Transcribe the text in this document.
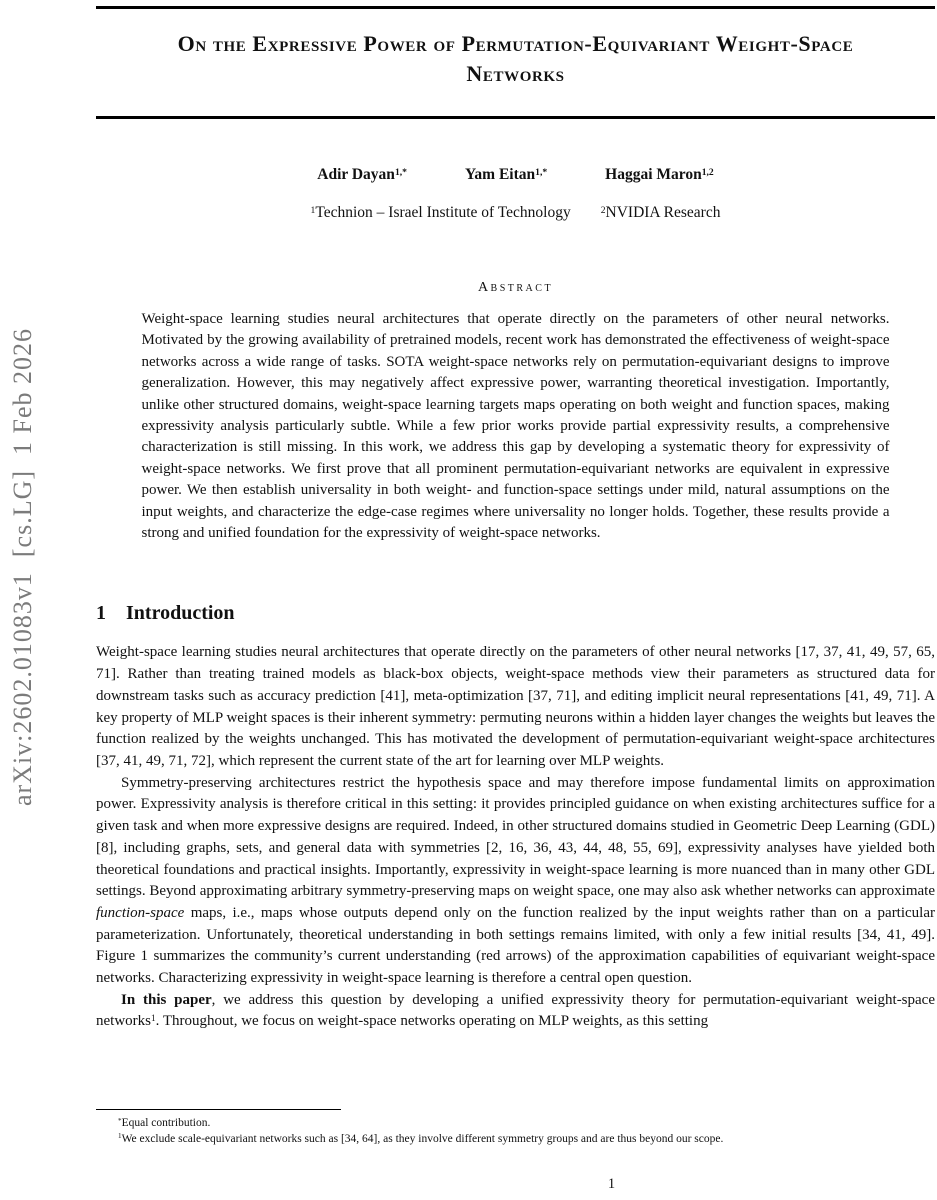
arXiv:2602.01083v1  [cs.LG]  1 Feb 2026
On the Expressive Power of Permutation-Equivariant Weight-Space Networks
Adir Dayan$^{1,*}$	Yam Eitan$^{1,*}$	Haggai Maron$^{1,2}$
$^1$Technion – Israel Institute of Technology	$^2$NVIDIA Research
Abstract

Weight-space learning studies neural architectures that operate directly on the parameters of other neural networks. Motivated by the growing availability of pretrained models, recent work has demonstrated the effectiveness of weight-space networks across a wide range of tasks. SOTA weight-space networks rely on permutation-equivariant designs to improve generalization. However, this may negatively affect expressive power, warranting theoretical investigation. Importantly, unlike other structured domains, weight-space learning targets maps operating on both weight and function spaces, making expressivity analysis particularly subtle. While a few prior works provide partial expressivity results, a comprehensive characterization is still missing. In this work, we address this gap by developing a systematic theory for expressivity of weight-space networks. We first prove that all prominent permutation-equivariant networks are equivalent in expressive power. We then establish universality in both weight- and function-space settings under mild, natural assumptions on the input weights, and characterize the edge-case regimes where universality no longer holds. Together, these results provide a strong and unified foundation for the expressivity of weight-space networks.

1 Introduction

Weight-space learning studies neural architectures that operate directly on the parameters of other neural networks [17, 37, 41, 49, 57, 65, 71]. Rather than treating trained models as black-box objects, weight-space methods view their parameters as structured data for downstream tasks such as accuracy prediction [41], meta-optimization [37, 71], and editing implicit neural representations [41, 49, 71]. A key property of MLP weight spaces is their inherent symmetry: permuting neurons within a hidden layer changes the weights but leaves the function realized by the weights unchanged. This has motivated the development of permutation-equivariant weight-space architectures [37, 41, 49, 71, 72], which represent the current state of the art for learning over MLP weights.

Symmetry-preserving architectures restrict the hypothesis space and may therefore impose fundamental limits on approximation power. Expressivity analysis is therefore critical in this setting: it provides principled guidance on when existing architectures suffice for a given task and when more expressive designs are required. Indeed, in other structured domains studied in Geometric Deep Learning (GDL) [8], including graphs, sets, and general data with symmetries [2, 16, 36, 43, 44, 48, 55, 69], expressivity analyses have yielded both theoretical foundations and practical insights. Importantly, expressivity in weight-space learning is more nuanced than in many other GDL settings. Beyond approximating arbitrary symmetry-preserving maps on weight space, one may also ask whether networks can approximate function-space maps, i.e., maps whose outputs depend only on the function realized by the input weights rather than on a particular parameterization. Unfortunately, theoretical understanding in both settings remains limited, with only a few initial results [34, 41, 49]. Figure 1 summarizes the community’s current understanding (red arrows) of the approximation capabilities of equivariant weight-space networks. Characterizing expressivity in weight-space learning is therefore a central open question.

In this paper, we address this question by developing a unified expressivity theory for permutation-equivariant weight-space networks$^1$. Throughout, we focus on weight-space networks operating on MLP weights, as this setting

1
*Equal contribution.
$^1$We exclude scale-equivariant networks such as [34, 64], as they involve different symmetry groups and are thus beyond our scope.
